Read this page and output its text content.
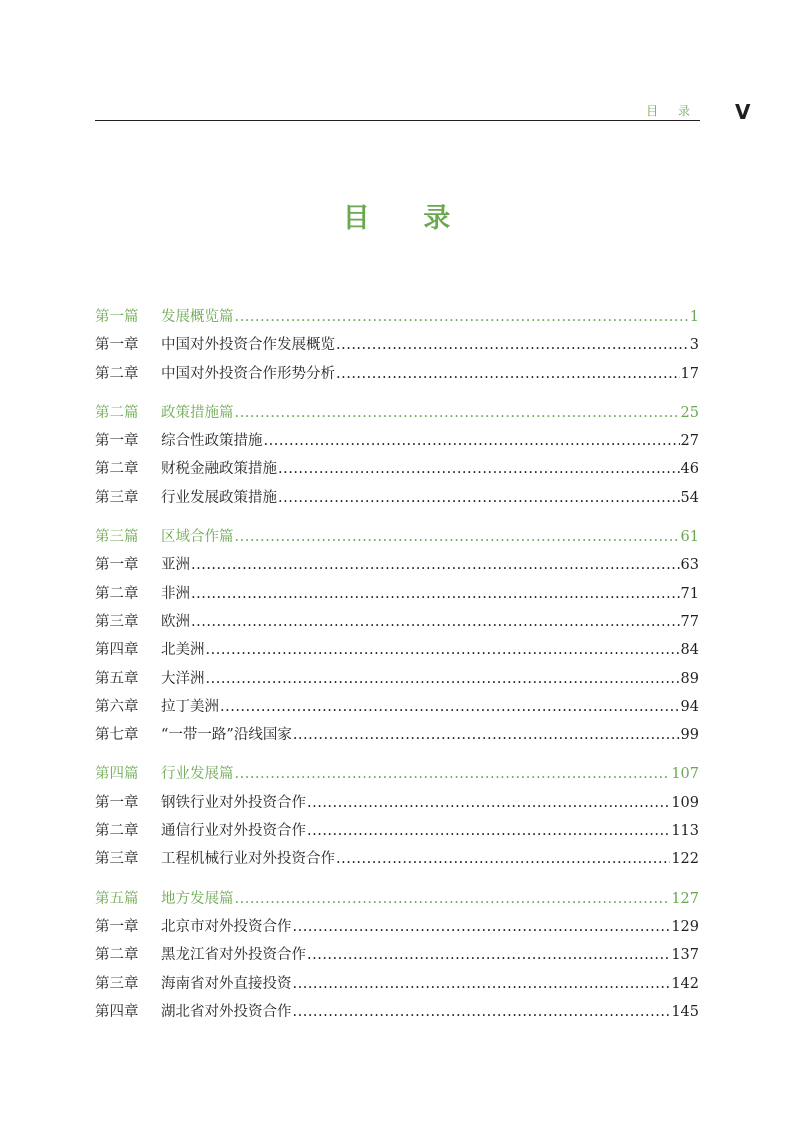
目 录 V
目 录
第一篇	发展概览篇 .....	1
第一章	中国对外投资合作发展概览 .....	3
第二章	中国对外投资合作形势分析 .....	17
第二篇	政策措施篇 .....	25
第一章	综合性政策措施 .....	27
第二章	财税金融政策措施 .....	46
第三章	行业发展政策措施 .....	54
第三篇	区域合作篇 .....	61
第一章	亚洲 .....	63
第二章	非洲 .....	71
第三章	欧洲 .....	77
第四章	北美洲 .....	84
第五章	大洋洲 .....	89
第六章	拉丁美洲 .....	94
第七章	“一带一路”沿线国家 .....	99
第四篇	行业发展篇 .....	107
第一章	钢铁行业对外投资合作 .....	109
第二章	通信行业对外投资合作 .....	113
第三章	工程机械行业对外投资合作 .....	122
第五篇	地方发展篇 .....	127
第一章	北京市对外投资合作 .....	129
第二章	黑龙江省对外投资合作 .....	137
第三章	海南省对外直接投资 .....	142
第四章	湖北省对外投资合作 .....	145
